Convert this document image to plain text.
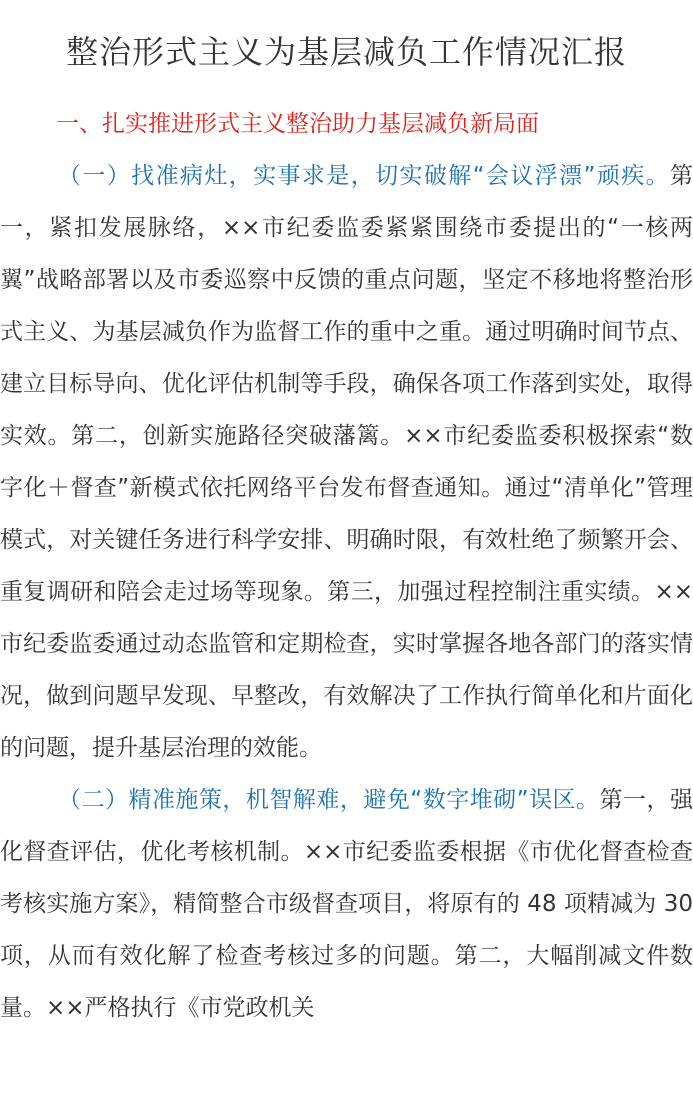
整治形式主义为基层减负工作情况汇报
一、扎实推进形式主义整治助力基层减负新局面

（一）找准病灶，实事求是，切实破解“会议浮漂”顽疾。第一，紧扣发展脉络，××市纪委监委紧紧围绕市委提出的“一核两翼”战略部署以及市委巡察中反馈的重点问题，坚定不移地将整治形式主义、为基层减负作为监督工作的重中之重。通过明确时间节点、建立目标导向、优化评估机制等手段，确保各项工作落到实处，取得实效。第二，创新实施路径突破藩篱。××市纪委监委积极探索“数字化＋督查”新模式依托网络平台发布督查通知。通过“清单化”管理模式，对关键任务进行科学安排、明确时限，有效杜绝了频繁开会、重复调研和陪会走过场等现象。第三，加强过程控制注重实绩。××市纪委监委通过动态监管和定期检查，实时掌握各地各部门的落实情况，做到问题早发现、早整改，有效解决了工作执行简单化和片面化的问题，提升基层治理的效能。

（二）精准施策，机智解难，避免“数字堆砌”误区。第一，强化督查评估，优化考核机制。××市纪委监委根据《市优化督查检查考核实施方案》，精简整合市级督查项目，将原有的 48 项精减为 30 项，从而有效化解了检查考核过多的问题。第二，大幅削减文件数量。××严格执行《市党政机关
